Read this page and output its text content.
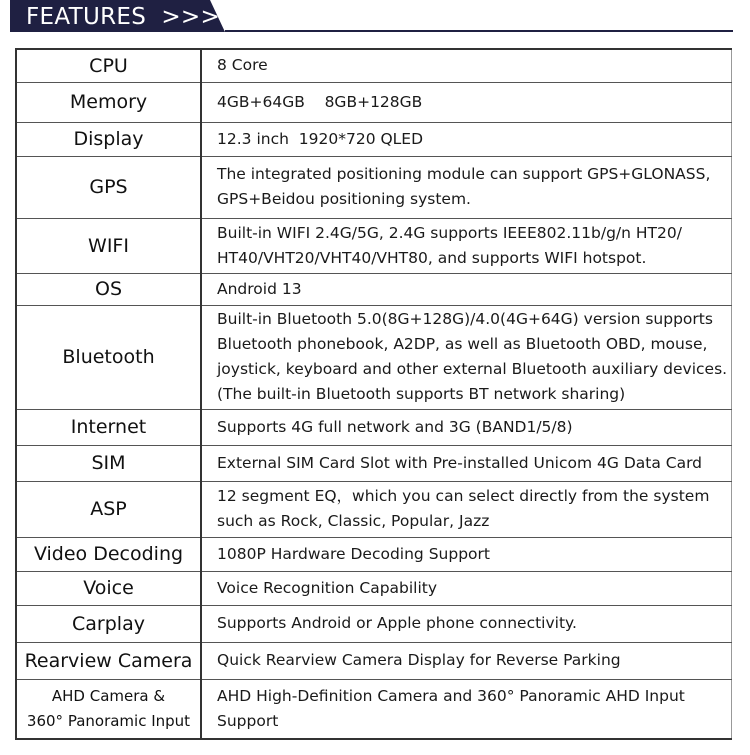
FEATURES  >>>
CPU	8 Core
Memory	4GB+64GB    8GB+128GB
Display	12.3 inch  1920*720 QLED
GPS	The integrated positioning module can support GPS+GLONASS, GPS+Beidou positioning system.
WIFI	Built-in WIFI 2.4G/5G, 2.4G supports IEEE802.11b/g/n HT20/ HT40/VHT20/VHT40/VHT80, and supports WIFI hotspot.
OS	Android 13
Bluetooth	Built-in Bluetooth 5.0(8G+128G)/4.0(4G+64G) version supports Bluetooth phonebook, A2DP, as well as Bluetooth OBD, mouse, joystick, keyboard and other external Bluetooth auxiliary devices. (The built-in Bluetooth supports BT network sharing)
Internet	Supports 4G full network and 3G (BAND1/5/8)
SIM	External SIM Card Slot with Pre-installed Unicom 4G Data Card
ASP	12 segment EQ，which you can select directly from the system such as Rock, Classic, Popular, Jazz
Video Decoding	1080P Hardware Decoding Support
Voice	Voice Recognition Capability
Carplay	Supports Android or Apple phone connectivity.
Rearview Camera	Quick Rearview Camera Display for Reverse Parking

AHD Camera &
360° Panoramic Input	AHD High-Definition Camera and 360° Panoramic AHD Input Support
